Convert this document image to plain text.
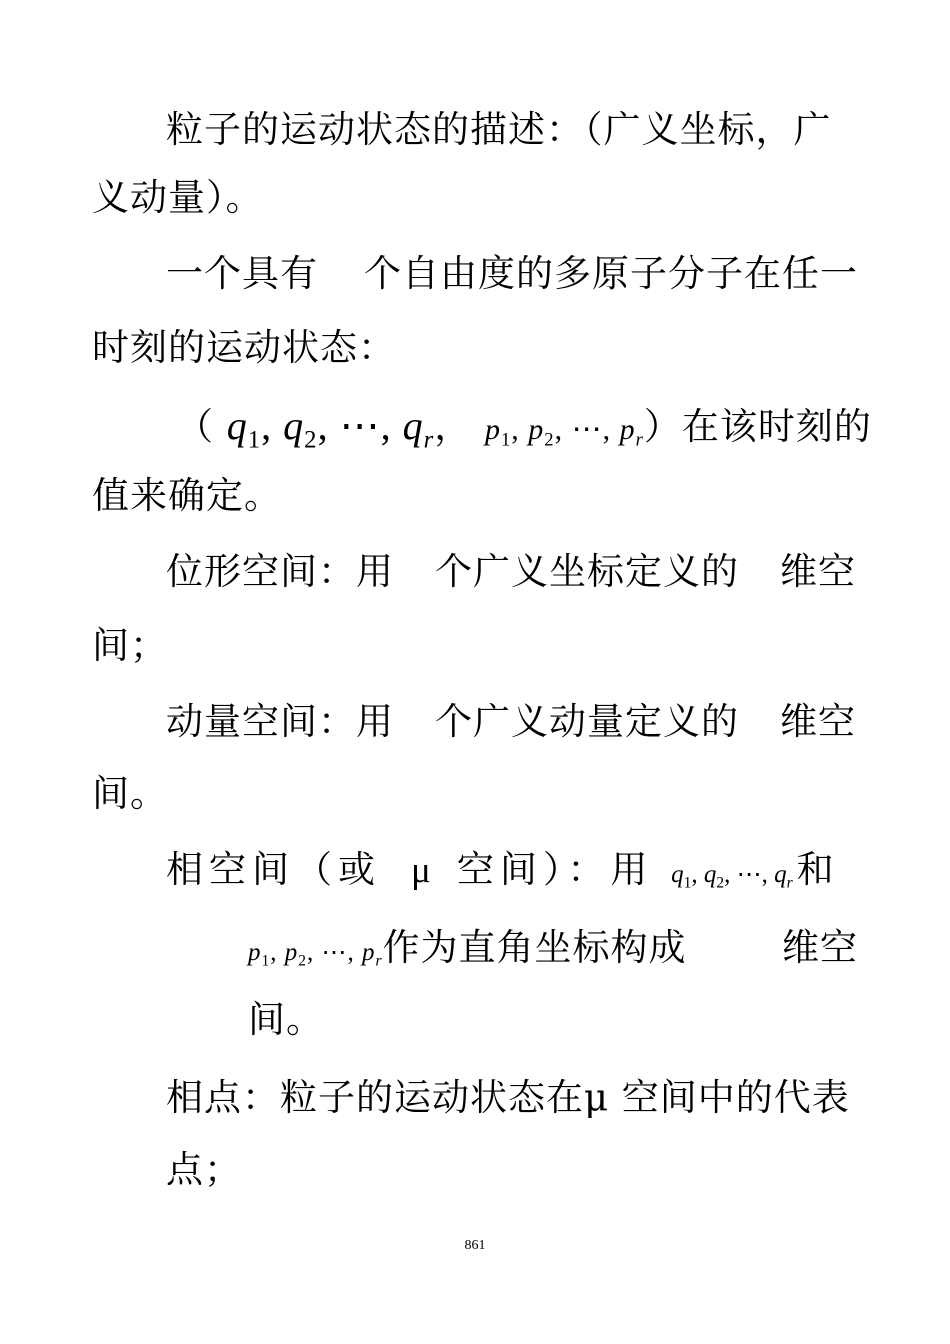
粒子的运动状态的描述：（广义坐标，广
义动量）。
一个具有 个自由度的多原子分子在任一
时刻的运动状态：
（ $q_1$, $q_2$, ⋯, $q_r$， $p_1$, $p_2$, ⋯, $p_r$）在该时刻的
值来确定。
位形空间：用 个广义坐标定义的 维空
间；
动量空间：用 个广义动量定义的 维空
间。
相空间（或 μ 空间）：用 $q_1$, $q_2$, ⋯, $q_r$ 和
$p_1$, $p_2$, ⋯, $p_r$作为直角坐标构成	维空
间。
相点：粒子的运动状态在μ 空间中的代表
点；
861
